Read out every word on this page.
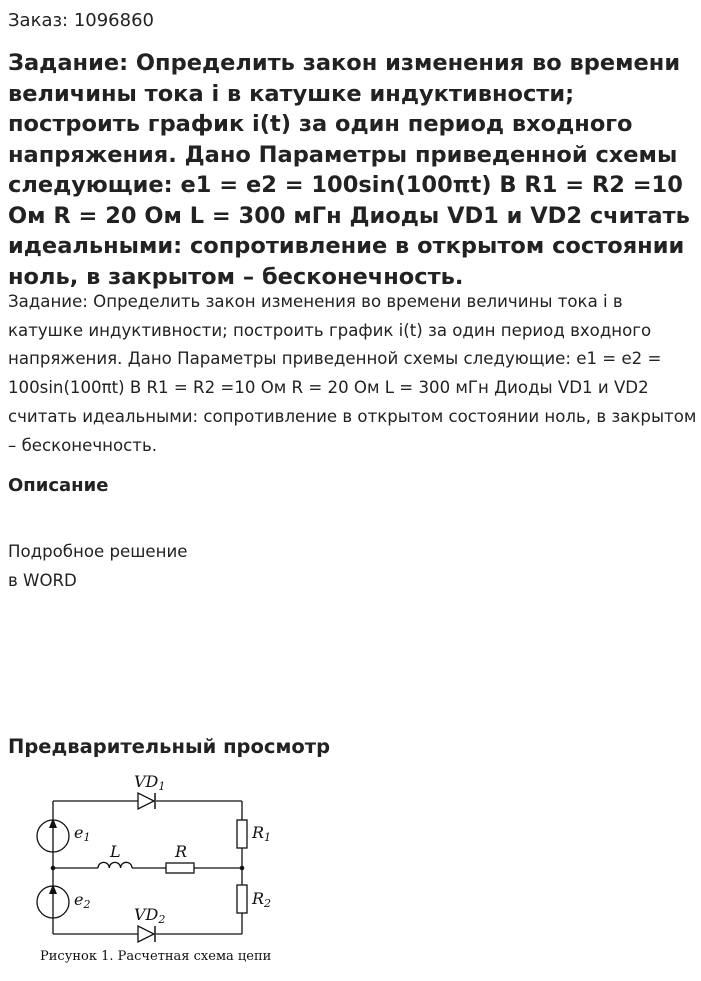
Заказ: 1096860
Задание: Определить закон изменения во времени величины тока i в катушке индуктивности; построить график i(t) за один период входного напряжения. Дано Параметры приведенной схемы следующие: e1 = e2 = 100sin(100πt) В R1 = R2 =10 Ом R = 20 Ом L = 300 мГн Диоды VD1 и VD2 считать идеальными: сопротивление в открытом состоянии ноль, в закрытом – бесконечность.

Задание: Определить закон изменения во времени величины тока i в катушке индуктивности; построить график i(t) за один период входного напряжения. Дано Параметры приведенной схемы следующие: e1 = e2 = 100sin(100πt) В R1 = R2 =10 Ом R = 20 Ом L = 300 мГн Диоды VD1 и VD2 считать идеальными: сопротивление в открытом состоянии ноль, в закрытом – бесконечность.

Описание
Подробное решение
в WORD
Предварительный просмотр
VD1
VD2
e1
e2
L	R
R1
R2
Рисунок 1. Расчетная схема цепи
